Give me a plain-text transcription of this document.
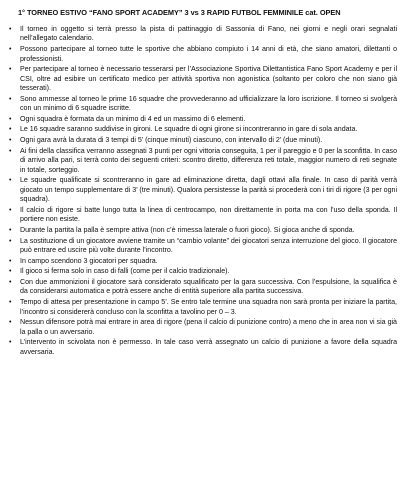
1° TORNEO ESTIVO “FANO SPORT ACADEMY” 3 vs 3 RAPID FUTBOL FEMMINILE cat. OPEN
• Il torneo in oggetto si terrà presso la pista di pattinaggio di Sassonia di Fano, nei giorni e negli orari segnalati nell’allegato calendario.
• Possono partecipare al torneo tutte le sportive che abbiano compiuto i 14 anni di età, che siano amatori, dilettanti o professionisti.
• Per partecipare al torneo è necessario tesserarsi per l’Associazione Sportiva Dilettantistica Fano Sport Academy e per il CSI, oltre ad esibire un certificato medico per attività sportiva non agonistica (soltanto per coloro che non siano già tesserati).
• Sono ammesse al torneo le prime 16 squadre che provvederanno ad ufficializzare la loro iscrizione. Il torneo si svolgerà con un minimo di 6 squadre iscritte.
• Ogni squadra è formata da un minimo di 4 ed un massimo di 6 elementi.
• Le 16 squadre saranno suddivise in gironi. Le squadre di ogni girone si incontreranno in gare di sola andata.
• Ogni gara avrà la durata di 3 tempi di 5’ (cinque minuti) ciascuno, con intervallo di 2’ (due minuti).
• Ai fini della classifica verranno assegnati 3 punti per ogni vittoria conseguita, 1 per il pareggio e 0 per la sconfitta. In caso di arrivo alla pari, si terrà conto dei seguenti criteri: scontro diretto, differenza reti totale, maggior numero di reti segnate in totale, sorteggio.
• Le squadre qualificate si scontreranno in gare ad eliminazione diretta, dagli ottavi alla finale. In caso di parità verrà giocato un tempo supplementare di 3’ (tre minuti). Qualora persistesse la parità si procederà con i tiri di rigore (3 per ogni squadra).
• Il calcio di rigore si batte lungo tutta la linea di centrocampo, non direttamente in porta ma con l’uso della sponda. Il portiere non esiste.
• Durante la partita la palla è sempre attiva (non c’è rimessa laterale o fuori gioco). Si gioca anche di sponda.
• La sostituzione di un giocatore avviene tramite un “cambio volante” dei giocatori senza interruzione del gioco. Il giocatore può entrare ed uscire più volte durante l’incontro.
• In campo scendono 3 giocatori per squadra.
• Il gioco si ferma solo in caso di falli (come per il calcio tradizionale).
• Con due ammonizioni il giocatore sarà considerato squalificato per la gara successiva. Con l’espulsione, la squalifica è da considerarsi automatica e potrà essere anche di entità superiore alla partita successiva.
• Tempo di attesa per presentazione in campo 5’. Se entro tale termine una squadra non sarà pronta per iniziare la partita, l’incontro si considererà concluso con la sconfitta a tavolino per 0 – 3.
• Nessun difensore potrà mai entrare in area di rigore (pena il calcio di punizione contro) a meno che in area non vi sia già la palla o un avversario.
• L’intervento in scivolata non è permesso. In tale caso verrà assegnato un calcio di punizione a favore della squadra avversaria.
